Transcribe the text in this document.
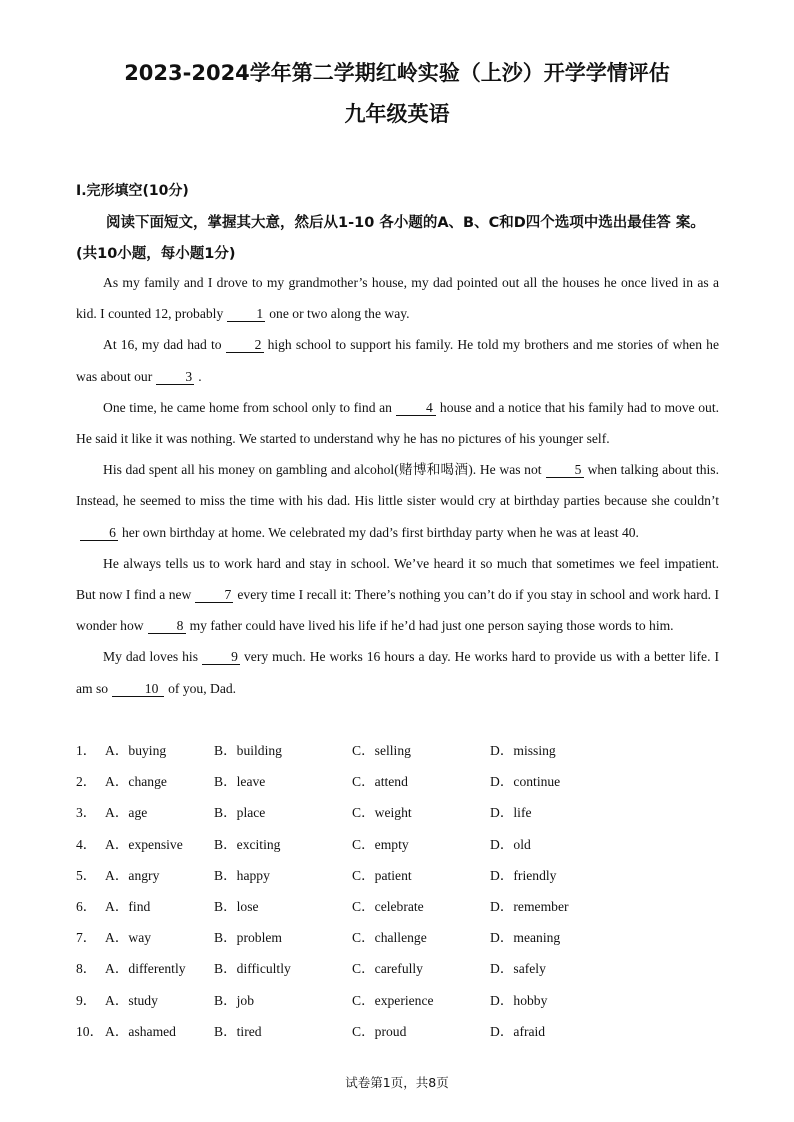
2023-2024学年第二学期红岭实验（上沙）开学学情评估
九年级英语

I.完形填空(10分)

阅读下面短文，掌握其大意，然后从1-10 各小题的A、B、C和D四个选项中选出最佳答 案。(共10小题，每小题1分)

As my family and I drove to my grandmother’s house, my dad pointed out all the houses he once lived in as a kid. I counted 12, probably 1 one or two along the way.

At 16, my dad had to 2 high school to support his family. He told my brothers and me stories of when he was about our 3 .

One time, he came home from school only to find an	4 house and a notice that his family had to move out. He said it like it was nothing. We started to understand why he has no pictures of his younger self.

His dad spent all his money on gambling and alcohol(赌博和喝酒). He was not 5 when talking about this. Instead, he seemed to miss the time with his dad. His little sister would cry at birthday parties because she couldn’t6 her own birthday at home. We celebrated my dad’s first birthday party when he was at least 40.

He always tells us to work hard and stay in school. We’ve heard it so much that sometimes we feel impatient. But now I find a new 7 every time I recall it: There’s nothing you can’t do if you stay in school and work hard. I wonder how 8 my father could have lived his life if he’d had just one person saying those words to him.

My dad loves his 9 very much. He works 16 hours a day. He works hard to provide us with a better life. I am so	10 of you, Dad.

1． A．buying	B．building	C．selling	D．missing
2． A．change	B．leave	C．attend	D．continue
3． A．age	B．place	C．weight	D．life
4． A．expensive B．exciting	C．empty	D．old
5． A．angry	B．happy	C．patient	D．friendly
6． A．find	B．lose	C．celebrate	D．remember
7． A．way	B．problem	C．challenge	D．meaning
8． A．differently B．difficultly	C．carefully	D．safely
9． A．study	B．job	C．experience	D．hobby
10． A．ashamed	B．tired	C．proud	D．afraid
试卷第1页，共8页
